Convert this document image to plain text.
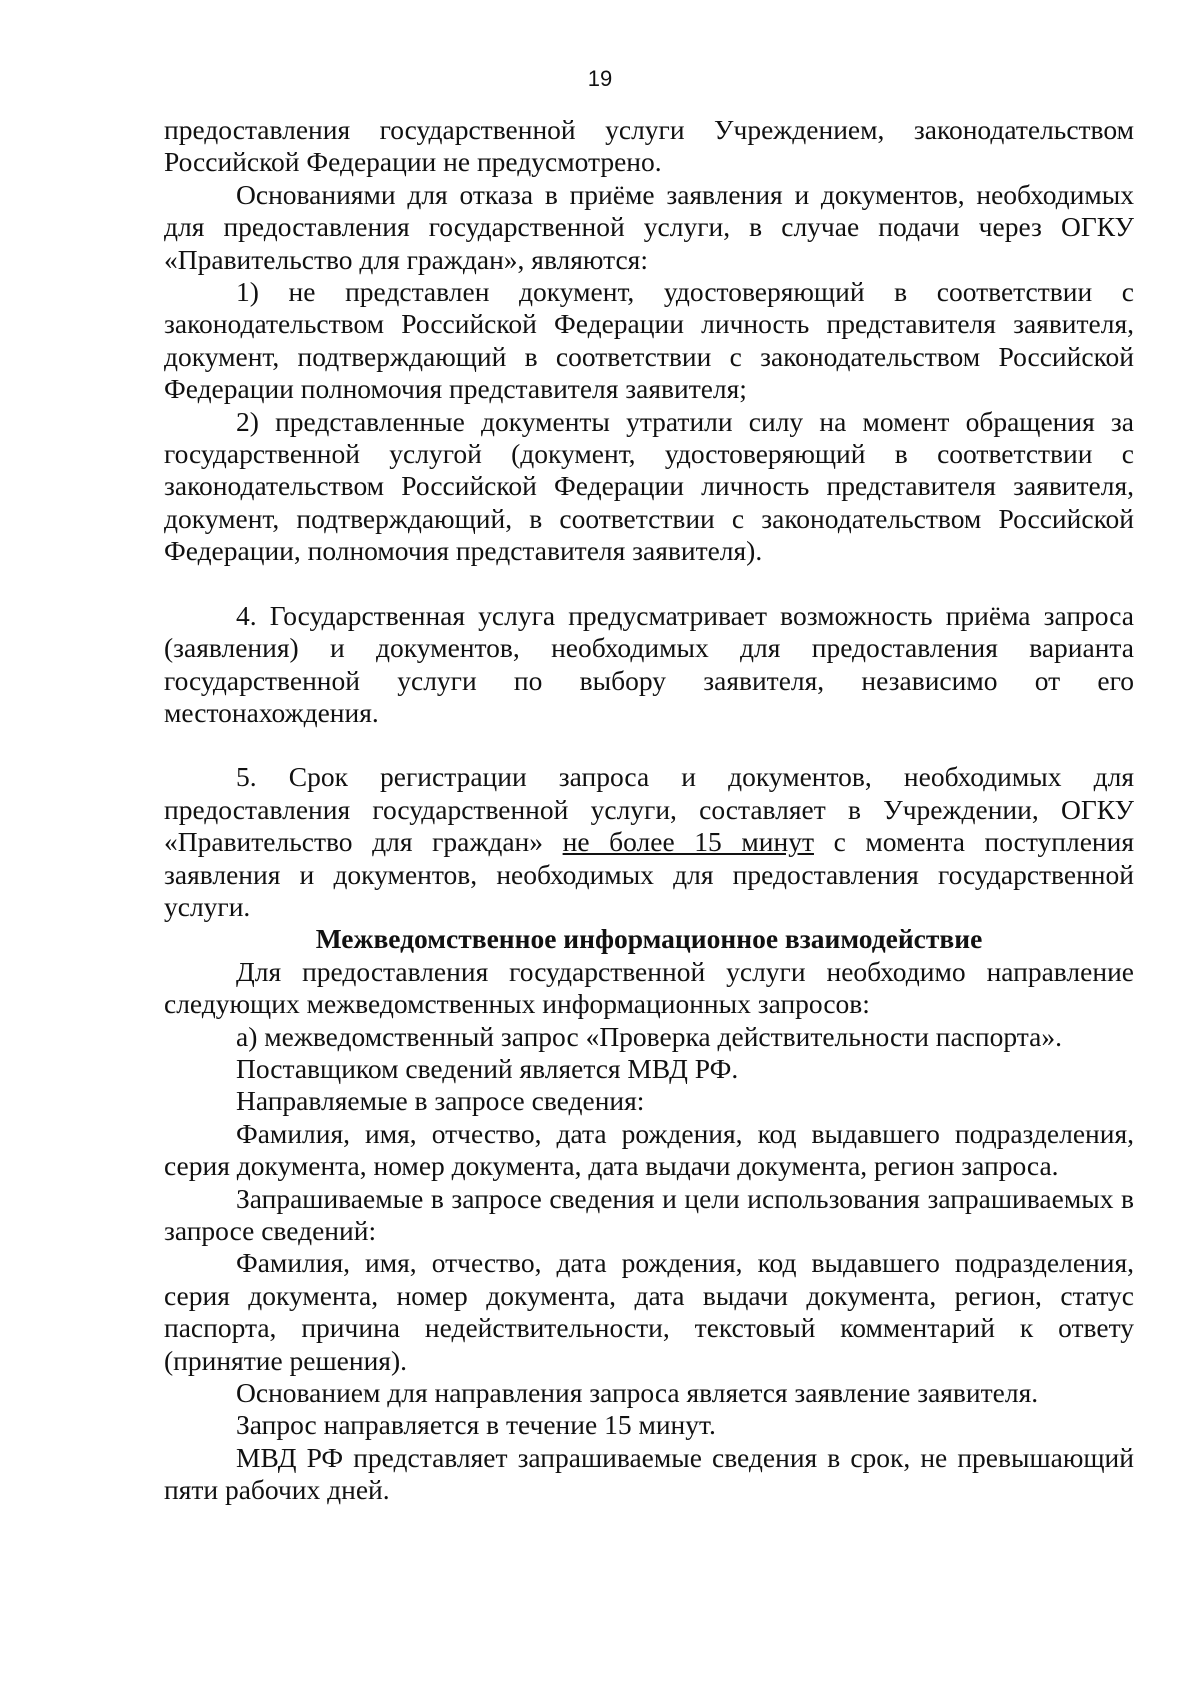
19

предоставления государственной услуги Учреждением, законодательством Российской Федерации не предусмотрено.

Основаниями для отказа в приёме заявления и документов, необходимых для предоставления государственной услуги, в случае подачи через ОГКУ «Правительство для граждан», являются:

1) не представлен документ, удостоверяющий в соответствии с законодательством Российской Федерации личность представителя заявителя, документ, подтверждающий в соответствии с законодательством Российской Федерации полномочия представителя заявителя;

2) представленные документы утратили силу на момент обращения за государственной услугой (документ, удостоверяющий в соответствии с законодательством Российской Федерации личность представителя заявителя, документ, подтверждающий, в соответствии с законодательством Российской Федерации, полномочия представителя заявителя).

4. Государственная услуга предусматривает возможность приёма запроса (заявления) и документов, необходимых для предоставления варианта государственной услуги по выбору заявителя, независимо от его местонахождения.

5. Срок регистрации запроса и документов, необходимых для предоставления государственной услуги, составляет в Учреждении, ОГКУ «Правительство для граждан» не более 15 минут с момента поступления заявления и документов, необходимых для предоставления государственной услуги.

Межведомственное информационное взаимодействие

Для предоставления государственной услуги необходимо направление следующих межведомственных информационных запросов:

а) межведомственный запрос «Проверка действительности паспорта».

Поставщиком сведений является МВД РФ.

Направляемые в запросе сведения:

Фамилия, имя, отчество, дата рождения, код выдавшего подразделения, серия документа, номер документа, дата выдачи документа, регион запроса.

Запрашиваемые в запросе сведения и цели использования запрашиваемых в запросе сведений:

Фамилия, имя, отчество, дата рождения, код выдавшего подразделения, серия документа, номер документа, дата выдачи документа, регион, статус паспорта, причина недействительности, текстовый комментарий к ответу (принятие решения).

Основанием для направления запроса является заявление заявителя.

Запрос направляется в течение 15 минут.

МВД РФ представляет запрашиваемые сведения в срок, не превышающий пяти рабочих дней.
